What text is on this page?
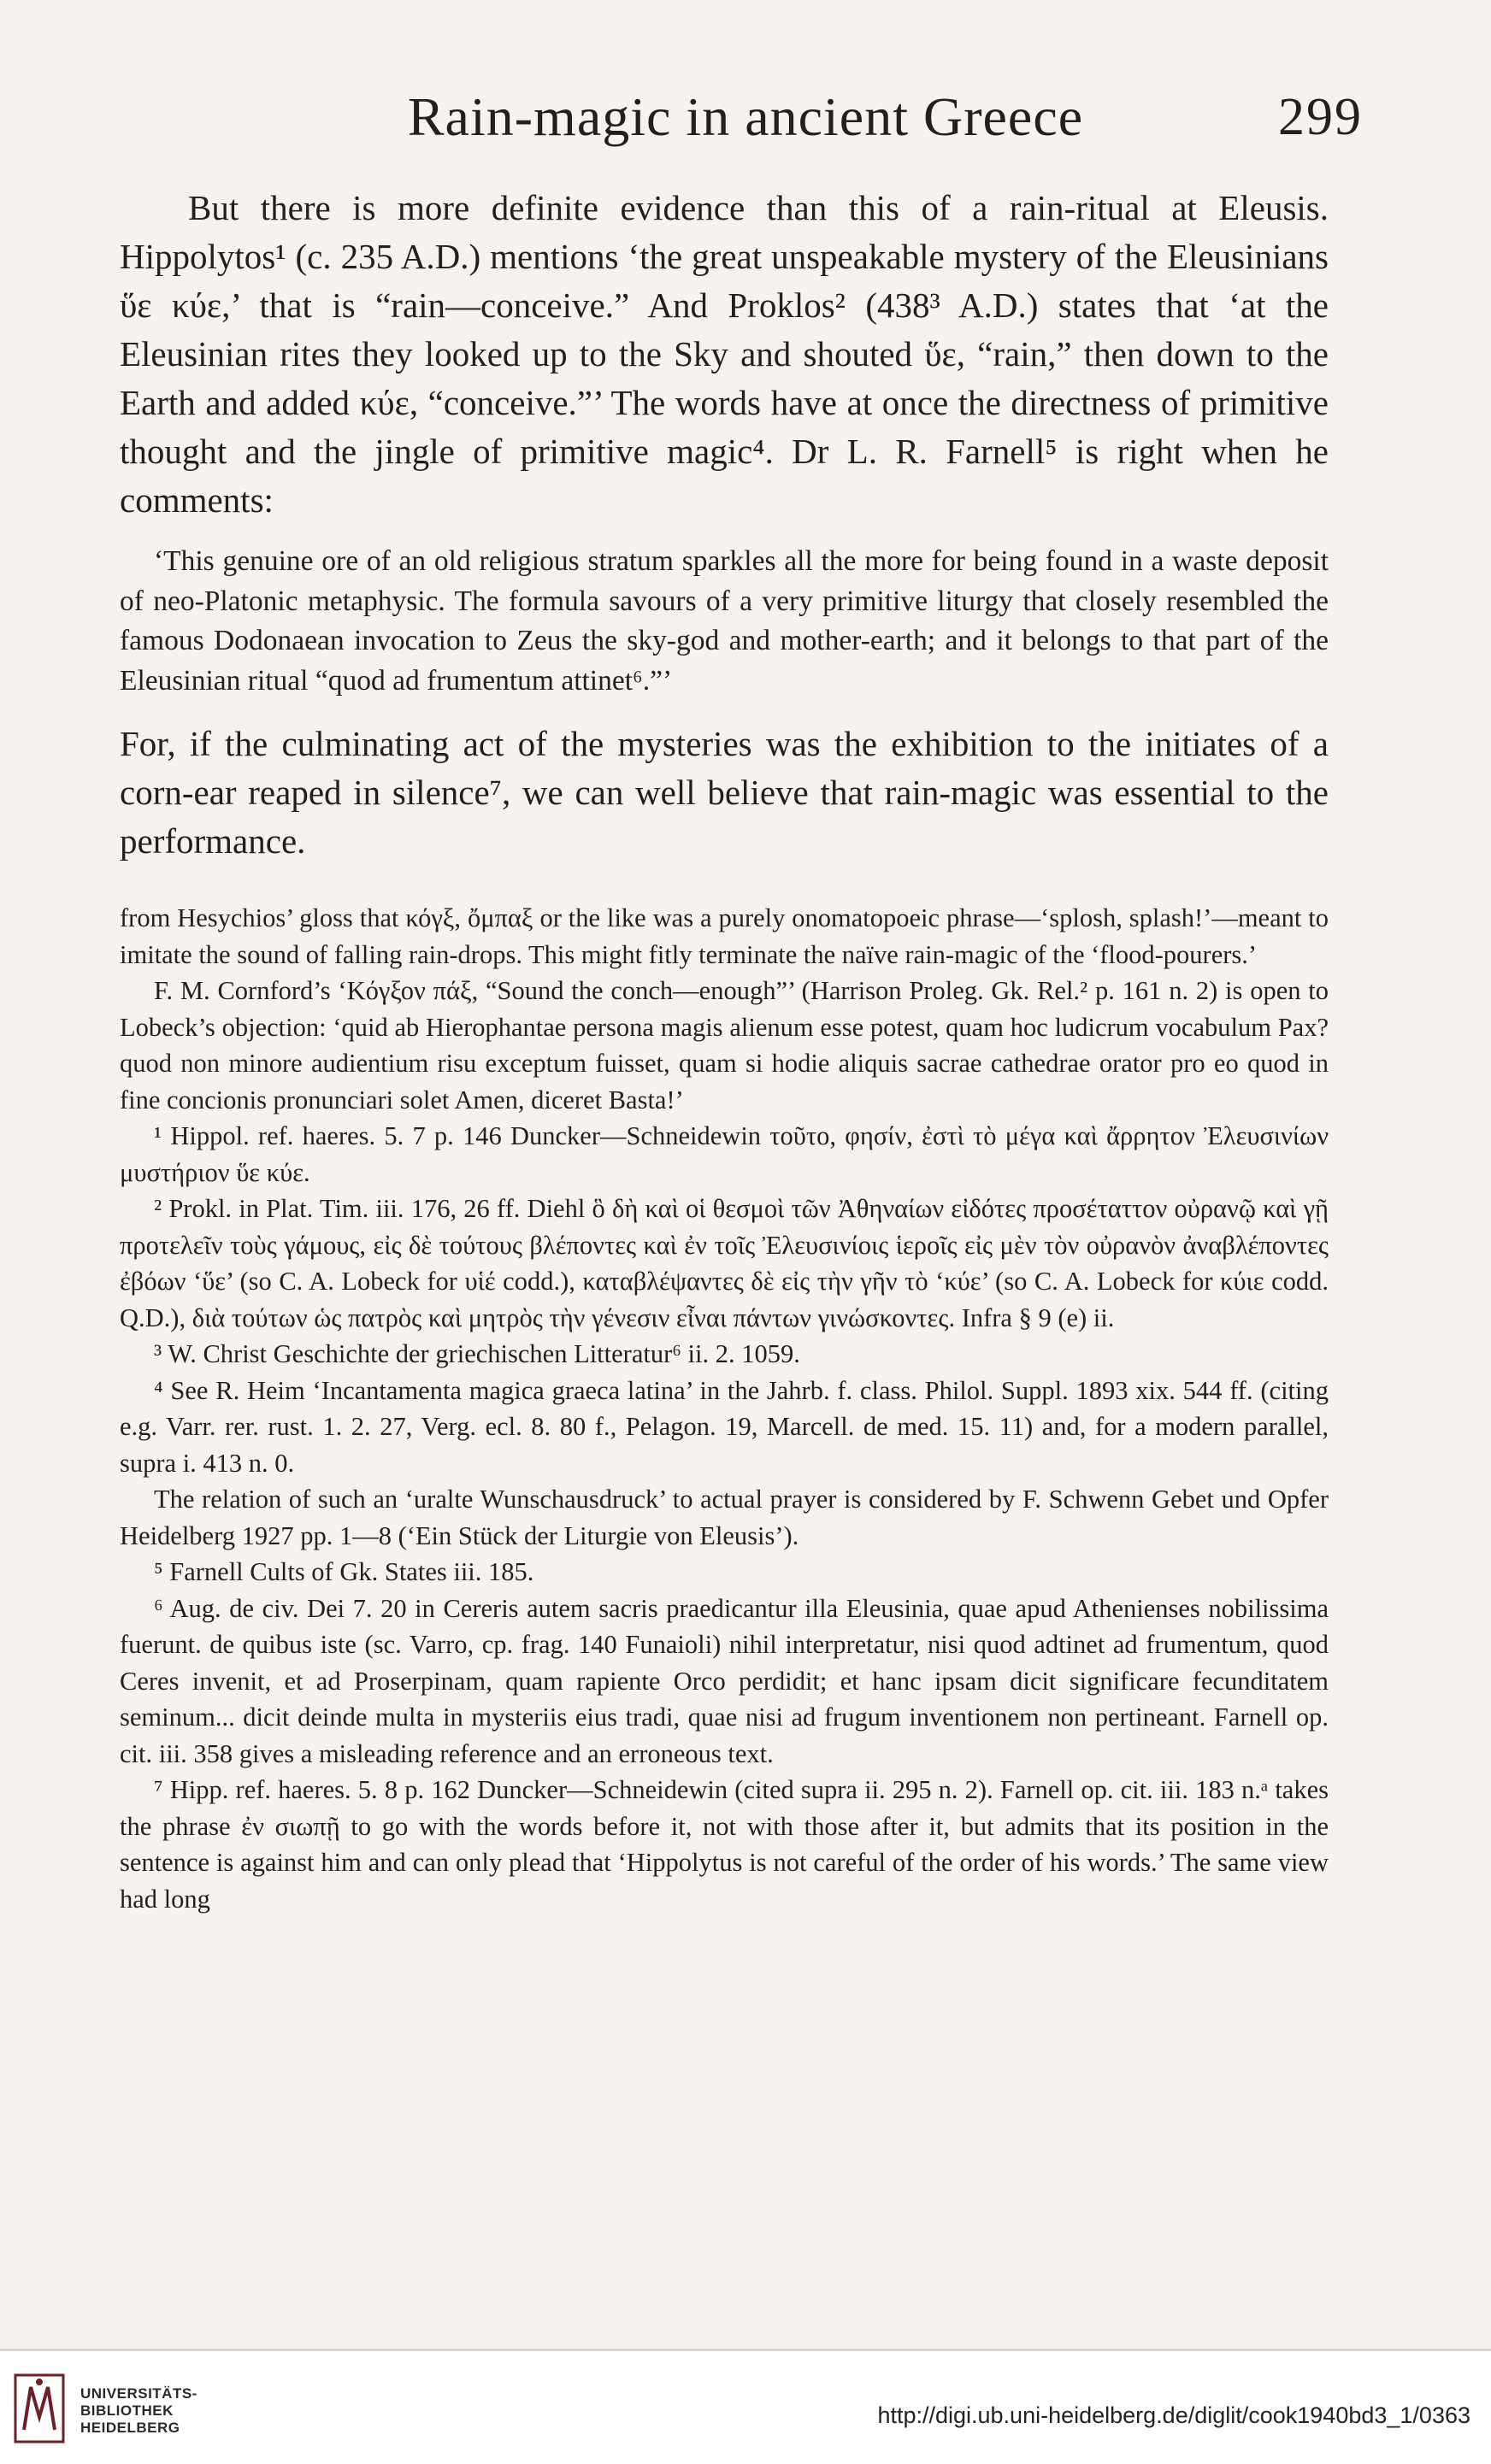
Rain-magic in ancient Greece	299

But there is more definite evidence than this of a rain-ritual at Eleusis. Hippolytos¹ (c. 235 A.D.) mentions ‘the great unspeakable mystery of the Eleusinians ὕε κύε,’ that is “rain—conceive.” And Proklos² (438³ A.D.) states that ‘at the Eleusinian rites they looked up to the Sky and shouted ὕε, “rain,” then down to the Earth and added κύε, “conceive.”’ The words have at once the directness of primitive thought and the jingle of primitive magic⁴. Dr L. R. Farnell⁵ is right when he comments:

‘This genuine ore of an old religious stratum sparkles all the more for being found in a waste deposit of neo-Platonic metaphysic. The formula savours of a very primitive liturgy that closely resembled the famous Dodonaean invocation to Zeus the sky-god and mother-earth; and it belongs to that part of the Eleusinian ritual “quod ad frumentum attinet⁶.”’

For, if the culminating act of the mysteries was the exhibition to the initiates of a corn-ear reaped in silence⁷, we can well believe that rain-magic was essential to the performance.

from Hesychios’ gloss that κόγξ, ὄμπαξ or the like was a purely onomatopoeic phrase—‘splosh, splash!’—meant to imitate the sound of falling rain-drops. This might fitly terminate the naïve rain-magic of the ‘flood-pourers.’

F. M. Cornford’s ‘Κόγξον πάξ, “Sound the conch—enough”’ (Harrison Proleg. Gk. Rel.² p. 161 n. 2) is open to Lobeck’s objection: ‘quid ab Hierophantae persona magis alienum esse potest, quam hoc ludicrum vocabulum Pax? quod non minore audientium risu exceptum fuisset, quam si hodie aliquis sacrae cathedrae orator pro eo quod in fine concionis pronunciari solet Amen, diceret Basta!’

¹ Hippol. ref. haeres. 5. 7 p. 146 Duncker—Schneidewin τοῦτο, φησίν, ἐστὶ τὸ μέγα καὶ ἄρρητον Ἐλευσινίων μυστήριον ὕε κύε.

² Prokl. in Plat. Tim. iii. 176, 26 ff. Diehl ὃ δὴ καὶ οἱ θεσμοὶ τῶν Ἀθηναίων εἰδότες προσέταττον οὐρανῷ καὶ γῇ προτελεῖν τοὺς γάμους, εἰς δὲ τούτους βλέποντες καὶ ἐν τοῖς Ἐλευσινίοις ἱεροῖς εἰς μὲν τὸν οὐρανὸν ἀναβλέποντες ἐβόων ‘ὕε’ (so C. A. Lobeck for υἱέ codd.), καταβλέψαντες δὲ εἰς τὴν γῆν τὸ ‘κύε’ (so C. A. Lobeck for κύιε codd. Q.D.), διὰ τούτων ὡς πατρὸς καὶ μητρὸς τὴν γένεσιν εἶναι πάντων γινώσκοντες. Infra § 9 (e) ii.

³ W. Christ Geschichte der griechischen Litteratur⁶ ii. 2. 1059.

⁴ See R. Heim ‘Incantamenta magica graeca latina’ in the Jahrb. f. class. Philol. Suppl. 1893 xix. 544 ff. (citing e.g. Varr. rer. rust. 1. 2. 27, Verg. ecl. 8. 80 f., Pelagon. 19, Marcell. de med. 15. 11) and, for a modern parallel, supra i. 413 n. 0.

The relation of such an ‘uralte Wunschausdruck’ to actual prayer is considered by F. Schwenn Gebet und Opfer Heidelberg 1927 pp. 1—8 (‘Ein Stück der Liturgie von Eleusis’).

⁵ Farnell Cults of Gk. States iii. 185.

⁶ Aug. de civ. Dei 7. 20 in Cereris autem sacris praedicantur illa Eleusinia, quae apud Athenienses nobilissima fuerunt. de quibus iste (sc. Varro, cp. frag. 140 Funaioli) nihil interpretatur, nisi quod adtinet ad frumentum, quod Ceres invenit, et ad Proserpinam, quam rapiente Orco perdidit; et hanc ipsam dicit significare fecunditatem seminum... dicit deinde multa in mysteriis eius tradi, quae nisi ad frugum inventionem non pertineant. Farnell op. cit. iii. 358 gives a misleading reference and an erroneous text.

⁷ Hipp. ref. haeres. 5. 8 p. 162 Duncker—Schneidewin (cited supra ii. 295 n. 2). Farnell op. cit. iii. 183 n.ᵃ takes the phrase ἐν σιωπῇ to go with the words before it, not with those after it, but admits that its position in the sentence is against him and can only plead that ‘Hippolytus is not careful of the order of his words.’ The same view had long

UNIVERSITÄTS-
BIBLIOTHEK
HEIDELBERG	http://digi.ub.uni-heidelberg.de/diglit/cook1940bd3_1/0363
